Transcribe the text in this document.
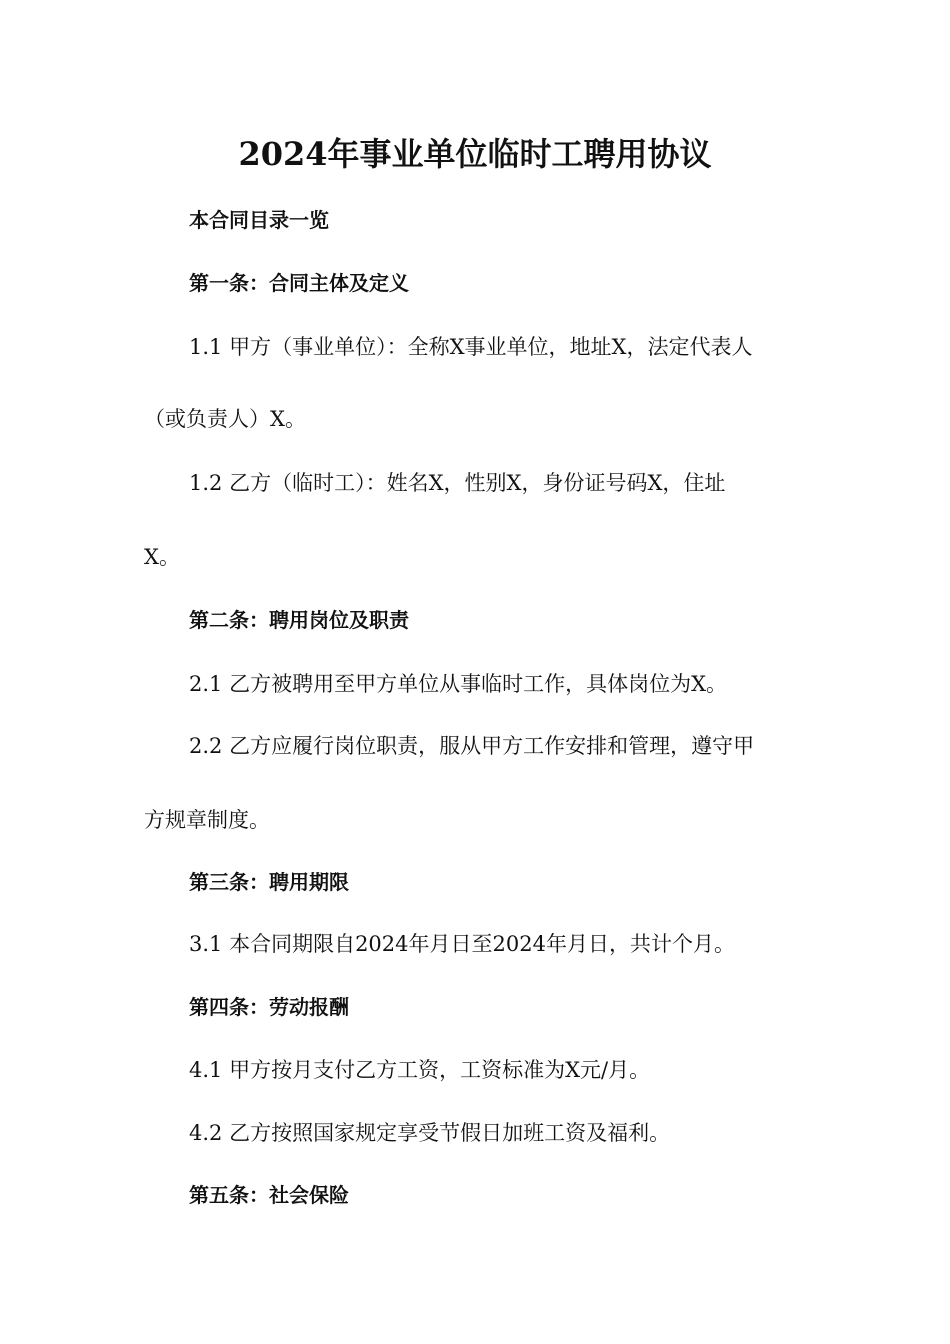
2024年事业单位临时工聘用协议
本合同目录一览
第一条：合同主体及定义
1.1 甲方（事业单位）：全称X事业单位，地址X，法定代表人
（或负责人）X。
1.2 乙方（临时工）：姓名X，性别X，身份证号码X，住址
X。
第二条：聘用岗位及职责
2.1 乙方被聘用至甲方单位从事临时工作，具体岗位为X。
2.2 乙方应履行岗位职责，服从甲方工作安排和管理，遵守甲
方规章制度。
第三条：聘用期限
3.1 本合同期限自2024年月日至2024年月日，共计个月。
第四条：劳动报酬
4.1 甲方按月支付乙方工资，工资标准为X元/月。
4.2 乙方按照国家规定享受节假日加班工资及福利。
第五条：社会保险
